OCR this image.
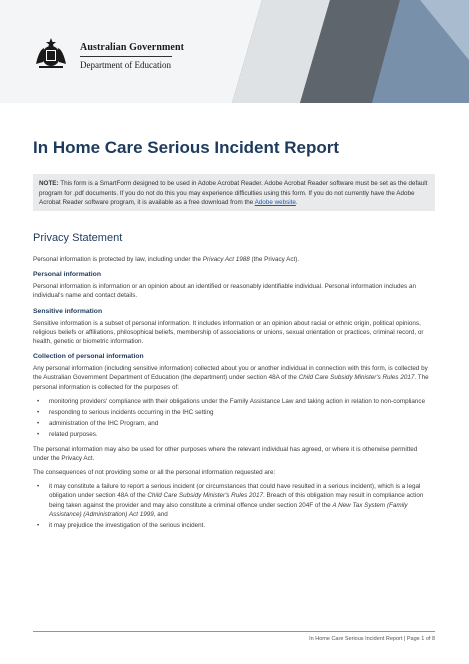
Australian Government
Department of Education
In Home Care Serious Incident Report
NOTE: This form is a SmartForm designed to be used in Adobe Acrobat Reader. Adobe Acrobat Reader software must be set as the default program for .pdf documents. If you do not do this you may experience difficulties using this form. If you do not currently have the Adobe Acrobat Reader software program, it is available as a free download from the Adobe website.
Privacy Statement

Personal information is protected by law, including under the Privacy Act 1988 (the Privacy Act).

Personal information

Personal information is information or an opinion about an identified or reasonably identifiable individual. Personal information includes an individual's name and contact details.

Sensitive information

Sensitive information is a subset of personal information. It includes information or an opinion about racial or ethnic origin, political opinions, religious beliefs or affiliations, philosophical beliefs, membership of associations or unions, sexual orientation or practices, criminal record, or health, genetic or biometric information.

Collection of personal information

Any personal information (including sensitive information) collected about you or another individual in connection with this form, is collected by the Australian Government Department of Education (the department) under section 48A of the Child Care Subsidy Minister's Rules 2017. The personal information is collected for the purposes of:

• monitoring providers' compliance with their obligations under the Family Assistance Law and taking action in relation to non-compliance
• responding to serious incidents occurring in the IHC setting
• administration of the IHC Program, and
• related purposes.

The personal information may also be used for other purposes where the relevant individual has agreed, or where it is otherwise permitted under the Privacy Act.

The consequences of not providing some or all the personal information requested are:

• it may constitute a failure to report a serious incident (or circumstances that could have resulted in a serious incident), which is a legal obligation under section 48A of the Child Care Subsidy Minister's Rules 2017. Breach of this obligation may result in compliance action being taken against the provider and may also constitute a criminal offence under section 204F of the A New Tax System (Family Assistance) (Administration) Act 1999, and
• it may prejudice the investigation of the serious incident.
In Home Care Serious Incident Report | Page 1 of 8
